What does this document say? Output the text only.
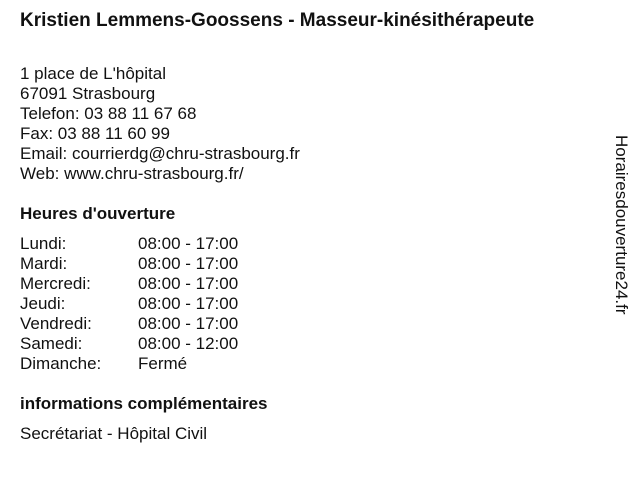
Kristien Lemmens-Goossens - Masseur-kinésithérapeute
1 place de L'hôpital
67091 Strasbourg
Telefon: 03 88 11 67 68
Fax: 03 88 11 60 99
Email: courrierdg@chru-strasbourg.fr
Web: www.chru-strasbourg.fr/
Heures d'ouverture
Lundi:	08:00 - 17:00
Mardi:	08:00 - 17:00
Mercredi:	08:00 - 17:00
Jeudi:	08:00 - 17:00
Vendredi:	08:00 - 17:00
Samedi:	08:00 - 12:00
Dimanche: Fermé
informations complémentaires
Secrétariat - Hôpital Civil
Horairesdouverture24.fr
